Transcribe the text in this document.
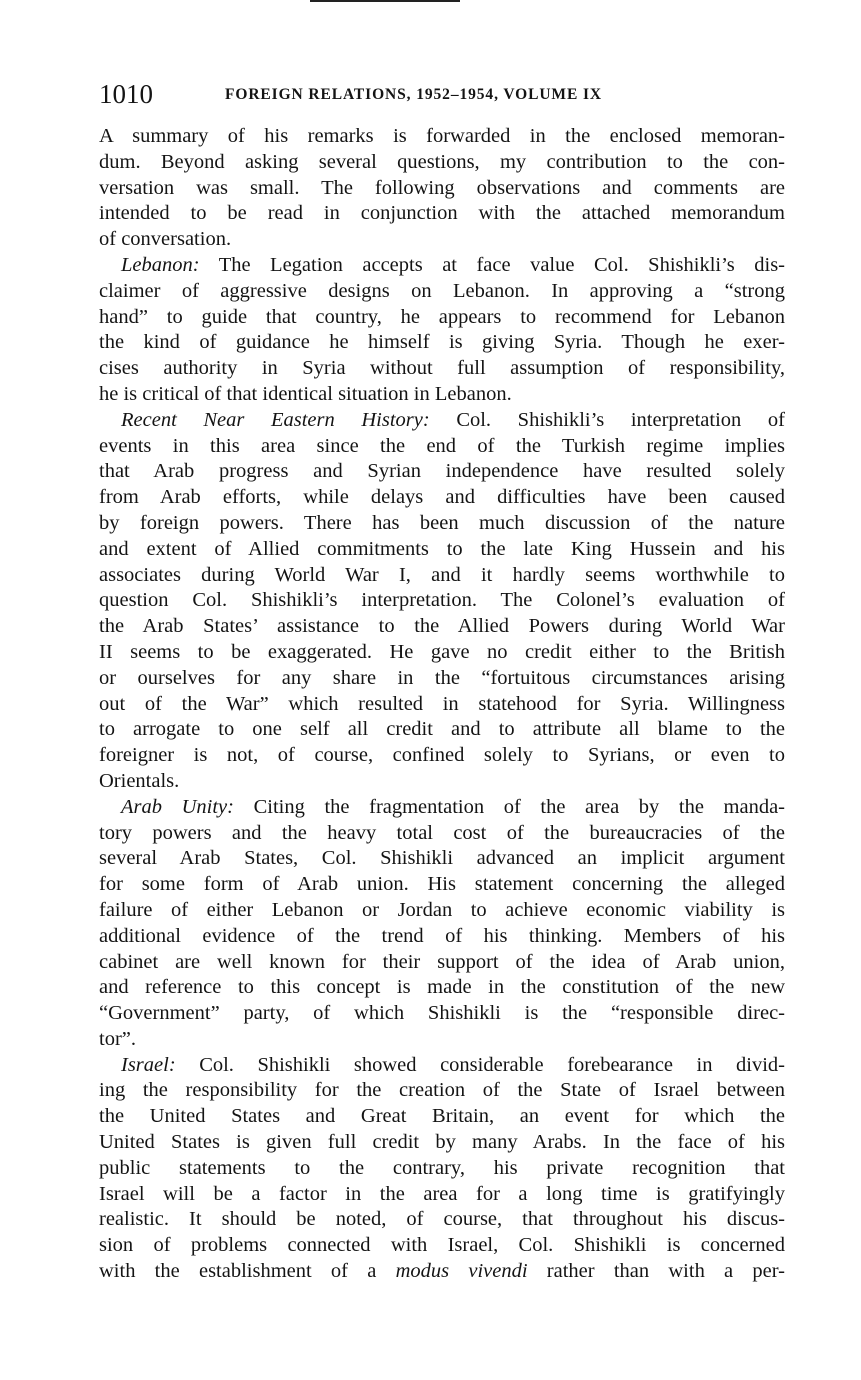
1010	FOREIGN RELATIONS, 1952–1954, VOLUME IX
A summary of his remarks is forwarded in the enclosed memoran-
dum. Beyond asking several questions, my contribution to the con-
versation was small. The following observations and comments are
intended to be read in conjunction with the attached memorandum
of conversation.
Lebanon: The Legation accepts at face value Col. Shishikli’s dis-
claimer of aggressive designs on Lebanon. In approving a “strong
hand” to guide that country, he appears to recommend for Lebanon
the kind of guidance he himself is giving Syria. Though he exer-
cises authority in Syria without full assumption of responsibility,
he is critical of that identical situation in Lebanon.
Recent Near Eastern History: Col. Shishikli’s interpretation of
events in this area since the end of the Turkish regime implies
that Arab progress and Syrian independence have resulted solely
from Arab efforts, while delays and difficulties have been caused
by foreign powers. There has been much discussion of the nature
and extent of Allied commitments to the late King Hussein and his
associates during World War I, and it hardly seems worthwhile to
question Col. Shishikli’s interpretation. The Colonel’s evaluation of
the Arab States’ assistance to the Allied Powers during World War
II seems to be exaggerated. He gave no credit either to the British
or ourselves for any share in the “fortuitous circumstances arising
out of the War” which resulted in statehood for Syria. Willingness
to arrogate to one self all credit and to attribute all blame to the
foreigner is not, of course, confined solely to Syrians, or even to
Orientals.
Arab Unity: Citing the fragmentation of the area by the manda-
tory powers and the heavy total cost of the bureaucracies of the
several Arab States, Col. Shishikli advanced an implicit argument
for some form of Arab union. His statement concerning the alleged
failure of either Lebanon or Jordan to achieve economic viability is
additional evidence of the trend of his thinking. Members of his
cabinet are well known for their support of the idea of Arab union,
and reference to this concept is made in the constitution of the new
“Government” party, of which Shishikli is the “responsible direc-
tor”.
Israel: Col. Shishikli showed considerable forebearance in divid-
ing the responsibility for the creation of the State of Israel between
the United States and Great Britain, an event for which the
United States is given full credit by many Arabs. In the face of his
public statements to the contrary, his private recognition that
Israel will be a factor in the area for a long time is gratifyingly
realistic. It should be noted, of course, that throughout his discus-
sion of problems connected with Israel, Col. Shishikli is concerned
with the establishment of a modus vivendi rather than with a per-
